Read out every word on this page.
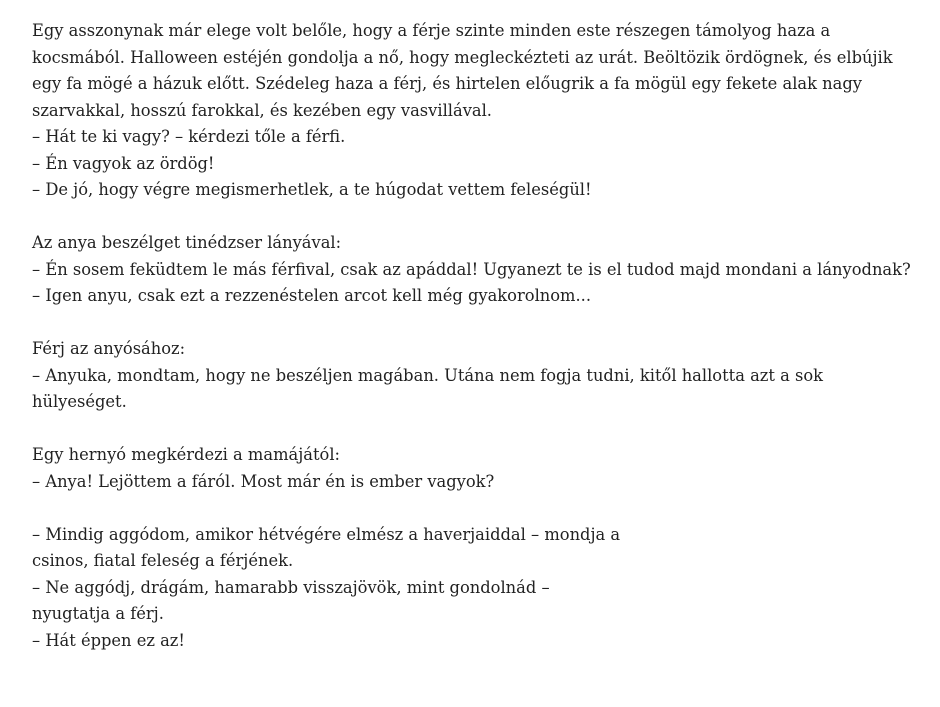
Egy asszonynak már elege volt belőle, hogy a férje szinte minden este részegen támolyog haza a kocsmából. Halloween estéjén gondolja a nő, hogy megleckézteti az urát. Beöltözik ördögnek, és elbújik egy fa mögé a házuk előtt. Szédeleg haza a férj, és hirtelen előugrik a fa mögül egy fekete alak nagy szarvakkal, hosszú farokkal, és kezében egy vasvillával.
– Hát te ki vagy? – kérdezi tőle a férfi.
– Én vagyok az ördög!
– De jó, hogy végre megismerhetlek, a te húgodat vettem feleségül!
Az anya beszélget tinédzser lányával:
– Én sosem feküdtem le más férfival, csak az apáddal! Ugyanezt te is el tudod majd mondani a lányodnak?
– Igen anyu, csak ezt a rezzenéstelen arcot kell még gyakorolnom...
Férj az anyósához:
– Anyuka, mondtam, hogy ne beszéljen magában. Utána nem fogja tudni, kitől hallotta azt a sok hülyeséget.
Egy hernyó megkérdezi a mamájától:
– Anya! Lejöttem a fáról. Most már én is ember vagyok?
– Mindig aggódom, amikor hétvégére elmész a haverjaiddal – mondja a csinos, fiatal feleség a férjének.
– Ne aggódj, drágám, hamarabb visszajövök, mint gondolnád – nyugtatja a férj.
– Hát éppen ez az!
